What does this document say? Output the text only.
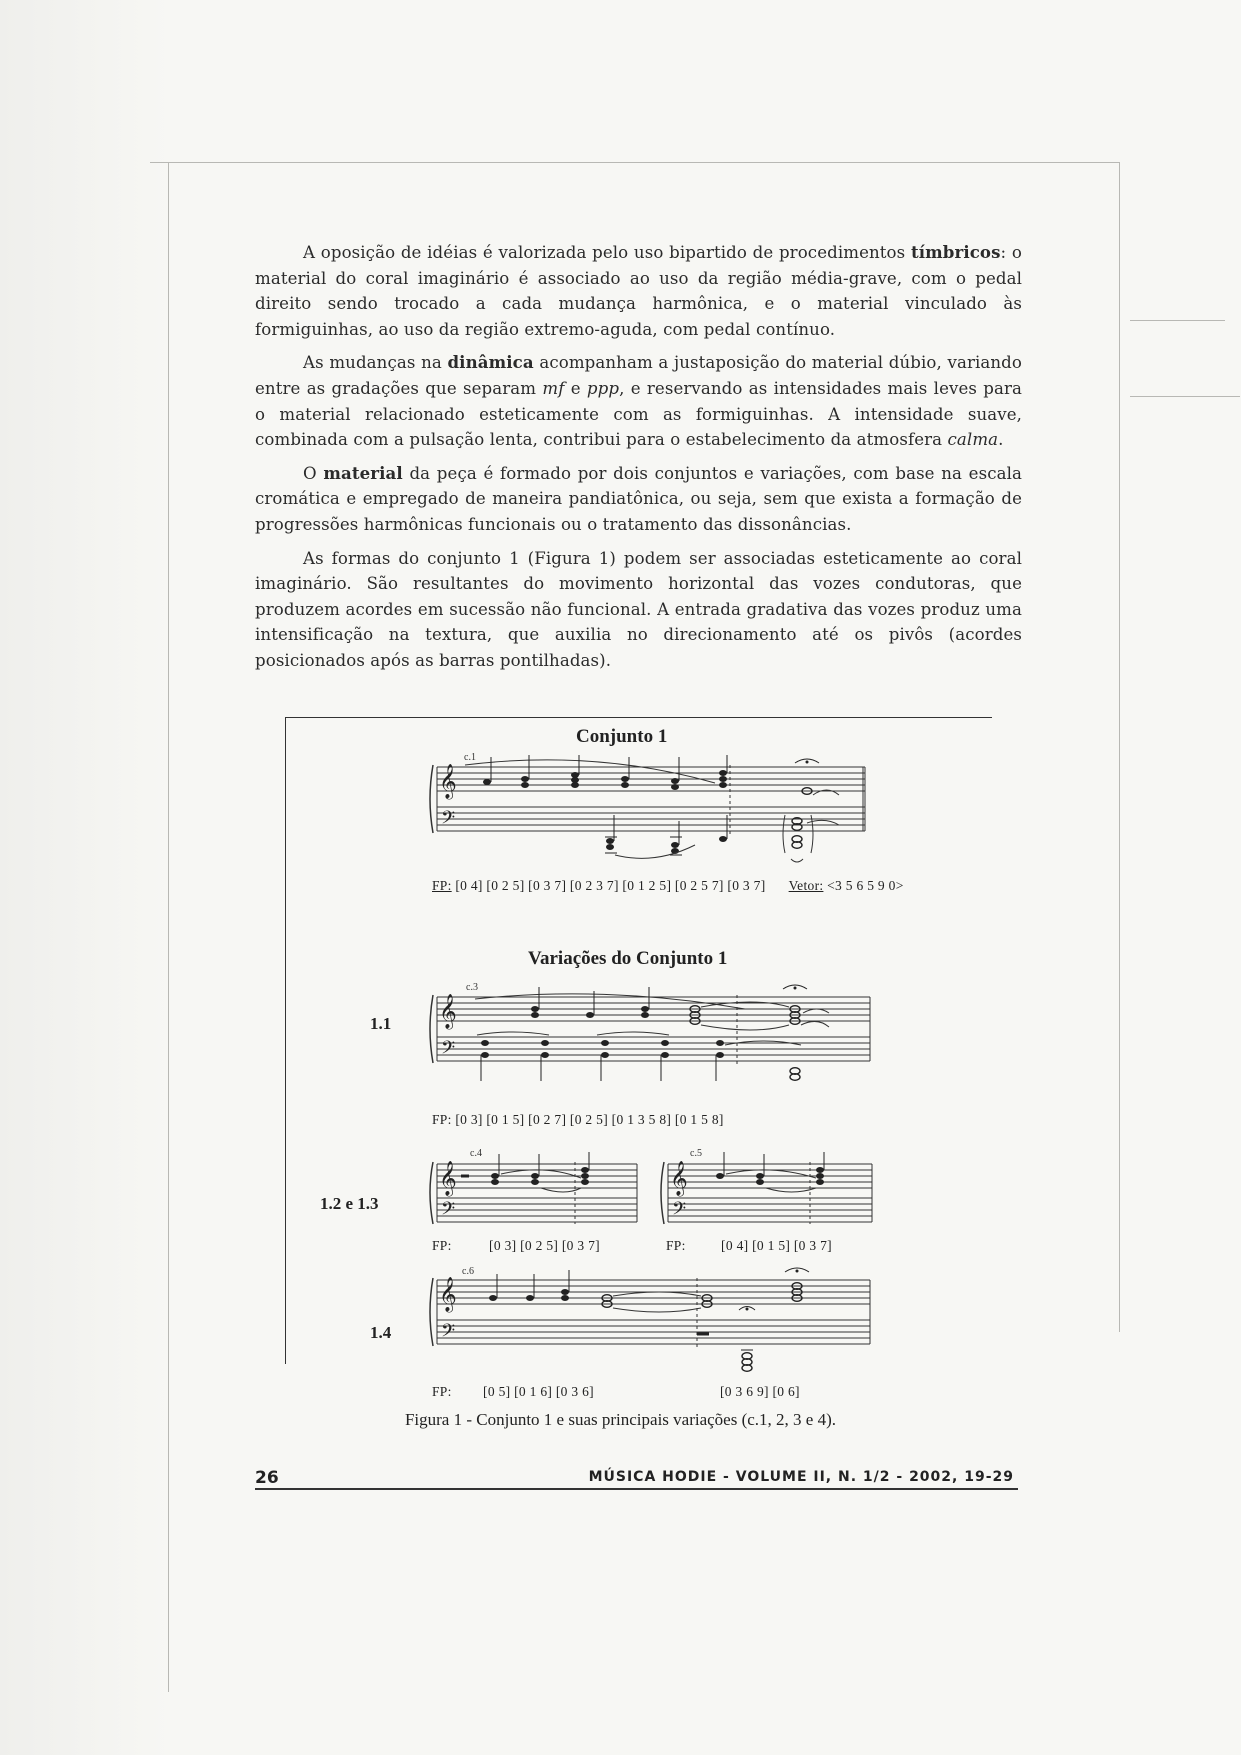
A oposição de idéias é valorizada pelo uso bipartido de procedimentos tímbricos: o material do coral imaginário é associado ao uso da região média-grave, com o pedal direito sendo trocado a cada mudança harmônica, e o material vinculado às formiguinhas, ao uso da região extremo-aguda, com pedal contínuo.

As mudanças na dinâmica acompanham a justaposição do material dúbio, variando entre as gradações que separam mf e ppp, e reservando as intensidades mais leves para o material relacionado esteticamente com as formiguinhas. A intensidade suave, combinada com a pulsação lenta, contribui para o estabelecimento da atmosfera calma.

O material da peça é formado por dois conjuntos e variações, com base na escala cromática e empregado de maneira pandiatônica, ou seja, sem que exista a formação de progressões harmônicas funcionais ou o tratamento das dissonâncias.

As formas do conjunto 1 (Figura 1) podem ser associadas esteticamente ao coral imaginário. São resultantes do movimento horizontal das vozes condutoras, que produzem acordes em sucessão não funcional. A entrada gradativa das vozes produz uma intensificação na textura, que auxilia no direcionamento até os pivôs (acordes posicionados após as barras pontilhadas).

Conjunto 1
c.1
𝄞
𝄢
FP: [0 4] [0 2 5] [0 3 7] [0 2 3 7] [0 1 2 5] [0 2 5 7] [0 3 7] Vetor: <3 5 6 5 9 0>
Variações do Conjunto 1
1.1
c.3
𝄞
𝄢
FP: [0 3] [0 1 5] [0 2 7] [0 2 5] [0 1 3 5 8] [0 1 5 8]
1.2 e 1.3
c.4
𝄞
𝄢
c.5
𝄞
𝄢
FP:	[0 3] [0 2 5] [0 3 7]	FP:	[0 4] [0 1 5] [0 3 7]
1.4
c.6
𝄞
𝄢
FP: [0 5] [0 1 6] [0 3 6]	[0 3 6 9] [0 6]
Figura 1 - Conjunto 1 e suas principais variações (c.1, 2, 3 e 4).
26	MÚSICA HODIE - VOLUME II, N. 1/2 - 2002, 19-29
